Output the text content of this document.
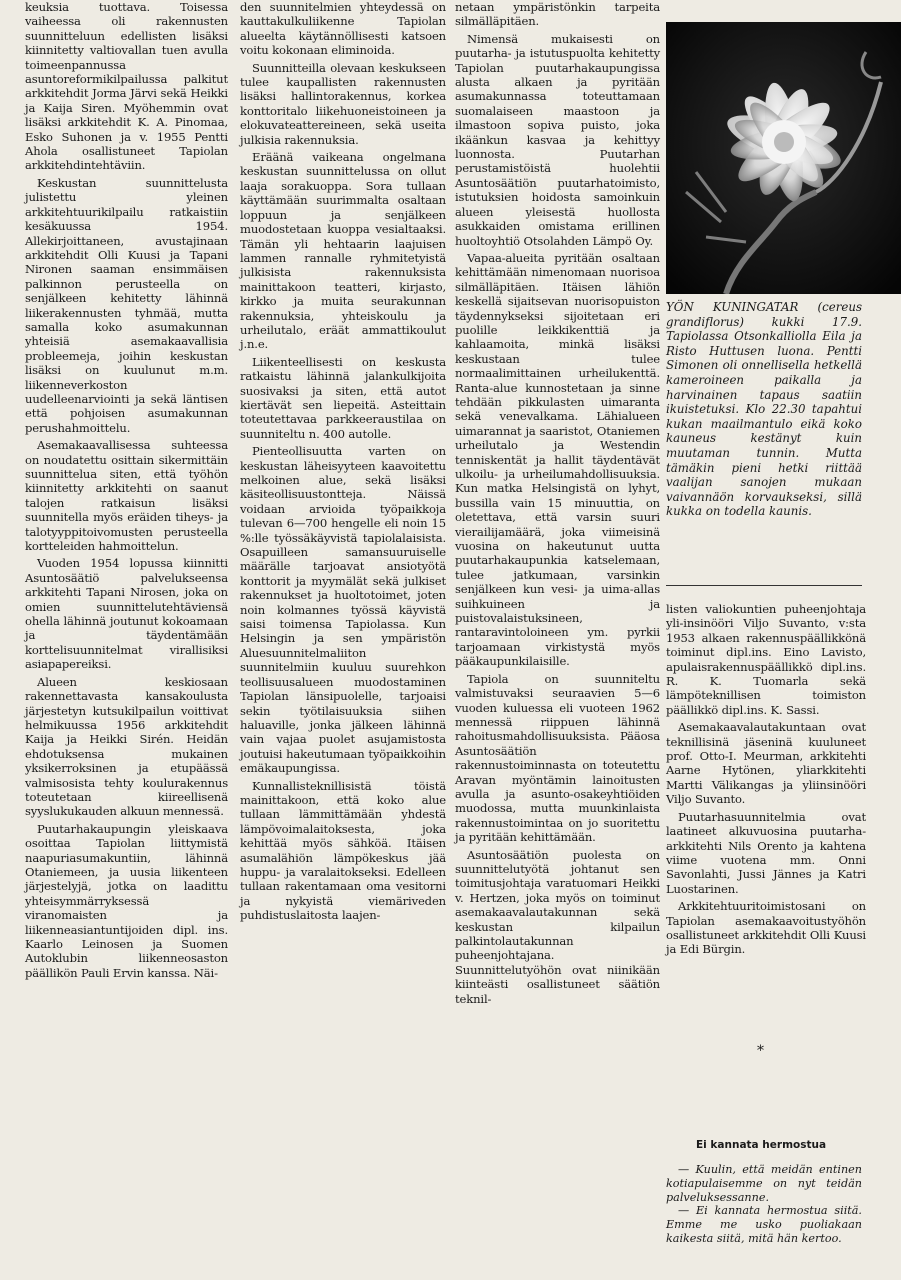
keuksia tuottava. Toisessa vaiheessa oli rakennusten suunnitteluun edellisten lisäksi kiinnitetty valtiovallan tuen avulla toimeenpannussa asuntoreformikilpailussa palkitut arkkitehdit Jorma Järvi sekä Heikki ja Kaija Siren. Myöhemmin ovat lisäksi arkkitehdit K. A. Pinomaa, Esko Suhonen ja v. 1955 Pentti Ahola osallistuneet Tapiolan arkkitehdintehtäviin.

Keskustan suunnittelusta julistettu yleinen arkkitehtuurikilpailu ratkaistiin kesäkuussa 1954. Allekirjoittaneen, avustajinaan arkkitehdit Olli Kuusi ja Tapani Nironen saaman ensimmäisen palkinnon perusteella on senjälkeen kehitetty lähinnä liikerakennusten tyhmää, mutta samalla koko asumakunnan yhteisiä asemakaavallisia probleemeja, joihin keskustan lisäksi on kuulunut m.m. liikenneverkoston uudelleenarviointi ja sekä läntisen että pohjoisen asumakunnan perushahmoittelu.

Asemakaavallisessa suhteessa on noudatettu osittain sikermittäin suunnittelua siten, että työhön kiinnitetty arkkitehti on saanut talojen ratkaisun lisäksi suunnitella myös eräiden tiheys- ja talotyyppitoivomusten perusteella kortteleiden hahmoittelun.

Vuoden 1954 lopussa kiinnitti Asuntosäätiö palvelukseensa arkkitehti Tapani Nirosen, joka on omien suunnittelutehtäviensä ohella lähinnä joutunut kokoamaan ja täydentämään korttelisuunnitelmat virallisiksi asiapapereiksi.

Alueen keskiosaan rakennettavasta kansakoulusta järjestetyn kutsukilpailun voittivat helmikuussa 1956 arkkitehdit Kaija ja Heikki Sirén. Heidän ehdotuksensa mukainen yksikerroksinen ja etupäässä valmisosista tehty koulurakennus toteutetaan kiireellisenä syyslukukauden alkuun mennessä.

Puutarhakaupungin yleiskaava osoittaa Tapiolan liittymistä naapuriasumakuntiin, lähinnä Otaniemeen, ja uusia liikenteen järjestelyjä, jotka on laadittu yhteisymmärryksessä viranomaisten ja liikenneasiantuntijoiden dipl. ins. Kaarlo Leinosen ja Suomen Autoklubin liikenneosaston päällikön Pauli Ervin kanssa. Näi-

den suunnitelmien yhteydessä on kauttakulkuliikenne Tapiolan alueelta käytännöllisesti katsoen voitu kokonaan eliminoida.

Suunnitteilla olevaan keskukseen tulee kaupallisten rakennusten lisäksi hallintorakennus, korkea konttoritalo liikehuoneistoineen ja elokuvateattereineen, sekä useita julkisia rakennuksia.

Eräänä vaikeana ongelmana keskustan suunnittelussa on ollut laaja sorakuoppa. Sora tullaan käyttämään suurimmalta osaltaan loppuun ja senjälkeen muodostetaan kuoppa vesialtaaksi. Tämän yli hehtaarin laajuisen lammen rannalle ryhmitetyistä julkisista rakennuksista mainittakoon teatteri, kirjasto, kirkko ja muita seurakunnan rakennuksia, yhteiskoulu ja urheilutalo, eräät ammattikoulut j.n.e.

Liikenteellisesti on keskusta ratkaistu lähinnä jalankulkijoita suosivaksi ja siten, että autot kiertävät sen liepeitä. Asteittain toteutettavaa parkkeeraustilaa on suunniteltu n. 400 autolle.

Pienteollisuutta varten on keskustan läheisyyteen kaavoitettu melkoinen alue, sekä lisäksi käsiteollisuustontteja. Näissä voidaan arvioida työpaikkoja tulevan 6—700 hengelle eli noin 15 %:lle työssäkäyvistä tapiolalaisista. Osapuilleen samansuuruiselle määrälle tarjoavat ansiotyötä konttorit ja myymälät sekä julkiset rakennukset ja huoltotoimet, joten noin kolmannes työssä käyvistä saisi toimensa Tapiolassa. Kun Helsingin ja sen ympäristön Aluesuunnitelmaliiton suunnitelmiin kuuluu suurehkon teollisuusalueen muodostaminen Tapiolan länsipuolelle, tarjoaisi sekin työtilaisuuksia siihen haluaville, jonka jälkeen lähinnä vain vajaa puolet asujamistosta joutuisi hakeutumaan työpaikkoihin emäkaupungissa.

Kunnallisteknillisistä töistä mainittakoon, että koko alue tullaan lämmittämään yhdestä lämpövoimalaitoksesta, joka kehittää myös sähköä. Itäisen asumalähiön lämpökeskus jää huppu- ja varalaitokseksi. Edelleen tullaan rakentamaan oma vesitorni ja nykyistä viemäriveden puhdistuslaitosta laajen-

netaan ympäristönkin tarpeita silmälläpitäen.

Nimensä mukaisesti on puutarha- ja istutuspuolta kehitetty Tapiolan puutarhakaupungissa alusta alkaen ja pyritään asumakunnassa toteuttamaan suomalaiseen maastoon ja ilmastoon sopiva puisto, joka ikäänkun kasvaa ja kehittyy luonnosta. Puutarhan perustamistöistä huolehtii Asuntosäätiön puutarhatoimisto, istutuksien hoidosta samoinkuin alueen yleisestä huollosta asukkaiden omistama erillinen huoltoyhtiö Otsolahden Lämpö Oy.

Vapaa-alueita pyritään osaltaan kehittämään nimenomaan nuorisoa silmälläpitäen. Itäisen lähiön keskellä sijaitsevan nuorisopuiston täydennykseksi sijoitetaan eri puolille leikkikenttiä ja kahlaamoita, minkä lisäksi keskustaan tulee normaalimittainen urheilukenttä. Ranta-alue kunnostetaan ja sinne tehdään pikkulasten uimaranta sekä venevalkama. Lähialueen uimarannat ja saaristot, Otaniemen urheilutalo ja Westendin tenniskentät ja hallit täydentävät ulkoilu- ja urheilumahdollisuuksia. Kun matka Helsingistä on lyhyt, bussilla vain 15 minuuttia, on oletettava, että varsin suuri vierailijamäärä, joka viimeisinä vuosina on hakeutunut uutta puutarhakaupunkia katselemaan, tulee jatkumaan, varsinkin senjälkeen kun vesi- ja uima-allas suihkuineen ja puistovalaistuksineen, rantaravintoloineen ym. pyrkii tarjoamaan virkistystä myös pääkaupunkilaisille.

Tapiola on suunniteltu valmistuvaksi seuraavien 5—6 vuoden kuluessa eli vuoteen 1962 mennessä riippuen lähinnä rahoitusmahdollisuuksista. Pääosa Asuntosäätiön rakennustoiminnasta on toteutettu Aravan myöntämin lainoitusten avulla ja asunto-osakeyhtiöiden muodossa, mutta muunkinlaista rakennustoimintaa on jo suoritettu ja pyritään kehittämään.

Asuntosäätiön puolesta on suunnittelutyötä johtanut sen toimitusjohtaja varatuomari Heikki v. Hertzen, joka myös on toiminut asemakaavalautakunnan sekä keskustan kilpailun palkintolautakunnan puheenjohtajana. Suunnittelutyöhön ovat niinikään kiinteästi osallistuneet säätiön teknil-

YÖN KUNINGATAR (cereus grandiflorus) kukki 17.9. Tapiolassa Otsonkalliolla Eila ja Risto Huttusen luona. Pentti Simonen oli onnellisella hetkellä kameroineen paikalla ja harvinainen tapaus saatiin ikuistetuksi. Klo 22.30 tapahtui kukan maailmantulo eikä koko kauneus kestänyt kuin muutaman tunnin. Mutta tämäkin pieni hetki riittää vaalijan sanojen mukaan vaivannäön korvaukseksi, sillä kukka on todella kaunis.

listen valiokuntien puheenjohtaja yli-insinööri Viljo Suvanto, v:sta 1953 alkaen rakennuspäällikkönä toiminut dipl.ins. Eino Lavisto, apulaisrakennuspäällikkö dipl.ins. R. K. Tuomarla sekä lämpöteknillisen toimiston päällikkö dipl.ins. K. Sassi.

Asemakaavalautakuntaan ovat teknillisinä jäseninä kuuluneet prof. Otto-I. Meurman, arkkitehti Aarne Hytönen, yliarkkitehti Martti Välikangas ja yliinsinööri Viljo Suvanto.

Puutarhasuunnitelmia ovat laatineet alkuvuosina puutarha-arkkitehti Nils Orento ja kahtena viime vuotena mm. Onni Savonlahti, Jussi Jännes ja Katri Luostarinen.

Arkkitehtuuritoimistosani on Tapiolan asemakaavoitustyöhön osallistuneet arkkitehdit Olli Kuusi ja Edi Bürgin.

*
Ei kannata hermostua

— Kuulin, että meidän entinen kotiapulaisemme on nyt teidän palveluksessanne.

— Ei kannata hermostua siitä. Emme me usko puoliakaan kaikesta siitä, mitä hän kertoo.
